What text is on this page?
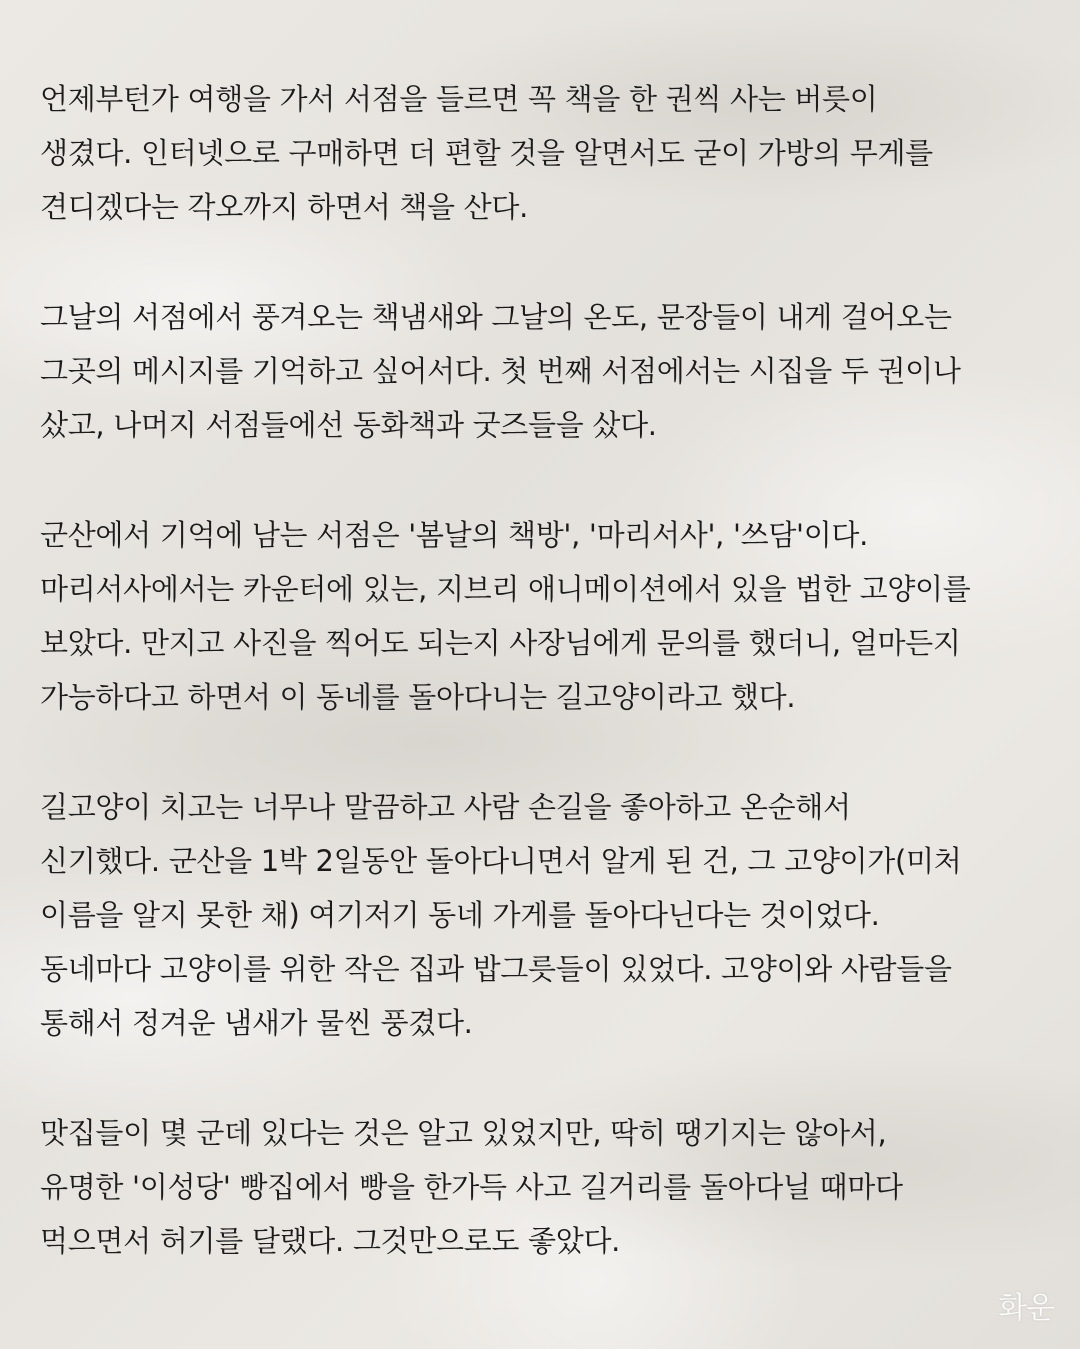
언제부턴가 여행을 가서 서점을 들르면 꼭 책을 한 권씩 사는 버릇이
생겼다. 인터넷으로 구매하면 더 편할 것을 알면서도 굳이 가방의 무게를
견디겠다는 각오까지 하면서 책을 산다.

그날의 서점에서 풍겨오는 책냄새와 그날의 온도, 문장들이 내게 걸어오는
그곳의 메시지를 기억하고 싶어서다. 첫 번째 서점에서는 시집을 두 권이나
샀고, 나머지 서점들에선 동화책과 굿즈들을 샀다.

군산에서 기억에 남는 서점은 '봄날의 책방', '마리서사', '쓰담'이다.
마리서사에서는 카운터에 있는, 지브리 애니메이션에서 있을 법한 고양이를
보았다. 만지고 사진을 찍어도 되는지 사장님에게 문의를 했더니, 얼마든지
가능하다고 하면서 이 동네를 돌아다니는 길고양이라고 했다.

길고양이 치고는 너무나 말끔하고 사람 손길을 좋아하고 온순해서
신기했다. 군산을 1박 2일동안 돌아다니면서 알게 된 건, 그 고양이가(미처
이름을 알지 못한 채) 여기저기 동네 가게를 돌아다닌다는 것이었다.
동네마다 고양이를 위한 작은 집과 밥그릇들이 있었다. 고양이와 사람들을
통해서 정겨운 냄새가 물씬 풍겼다.

맛집들이 몇 군데 있다는 것은 알고 있었지만, 딱히 땡기지는 않아서,
유명한 '이성당' 빵집에서 빵을 한가득 사고 길거리를 돌아다닐 때마다
먹으면서 허기를 달랬다. 그것만으로도 좋았다.

화운
